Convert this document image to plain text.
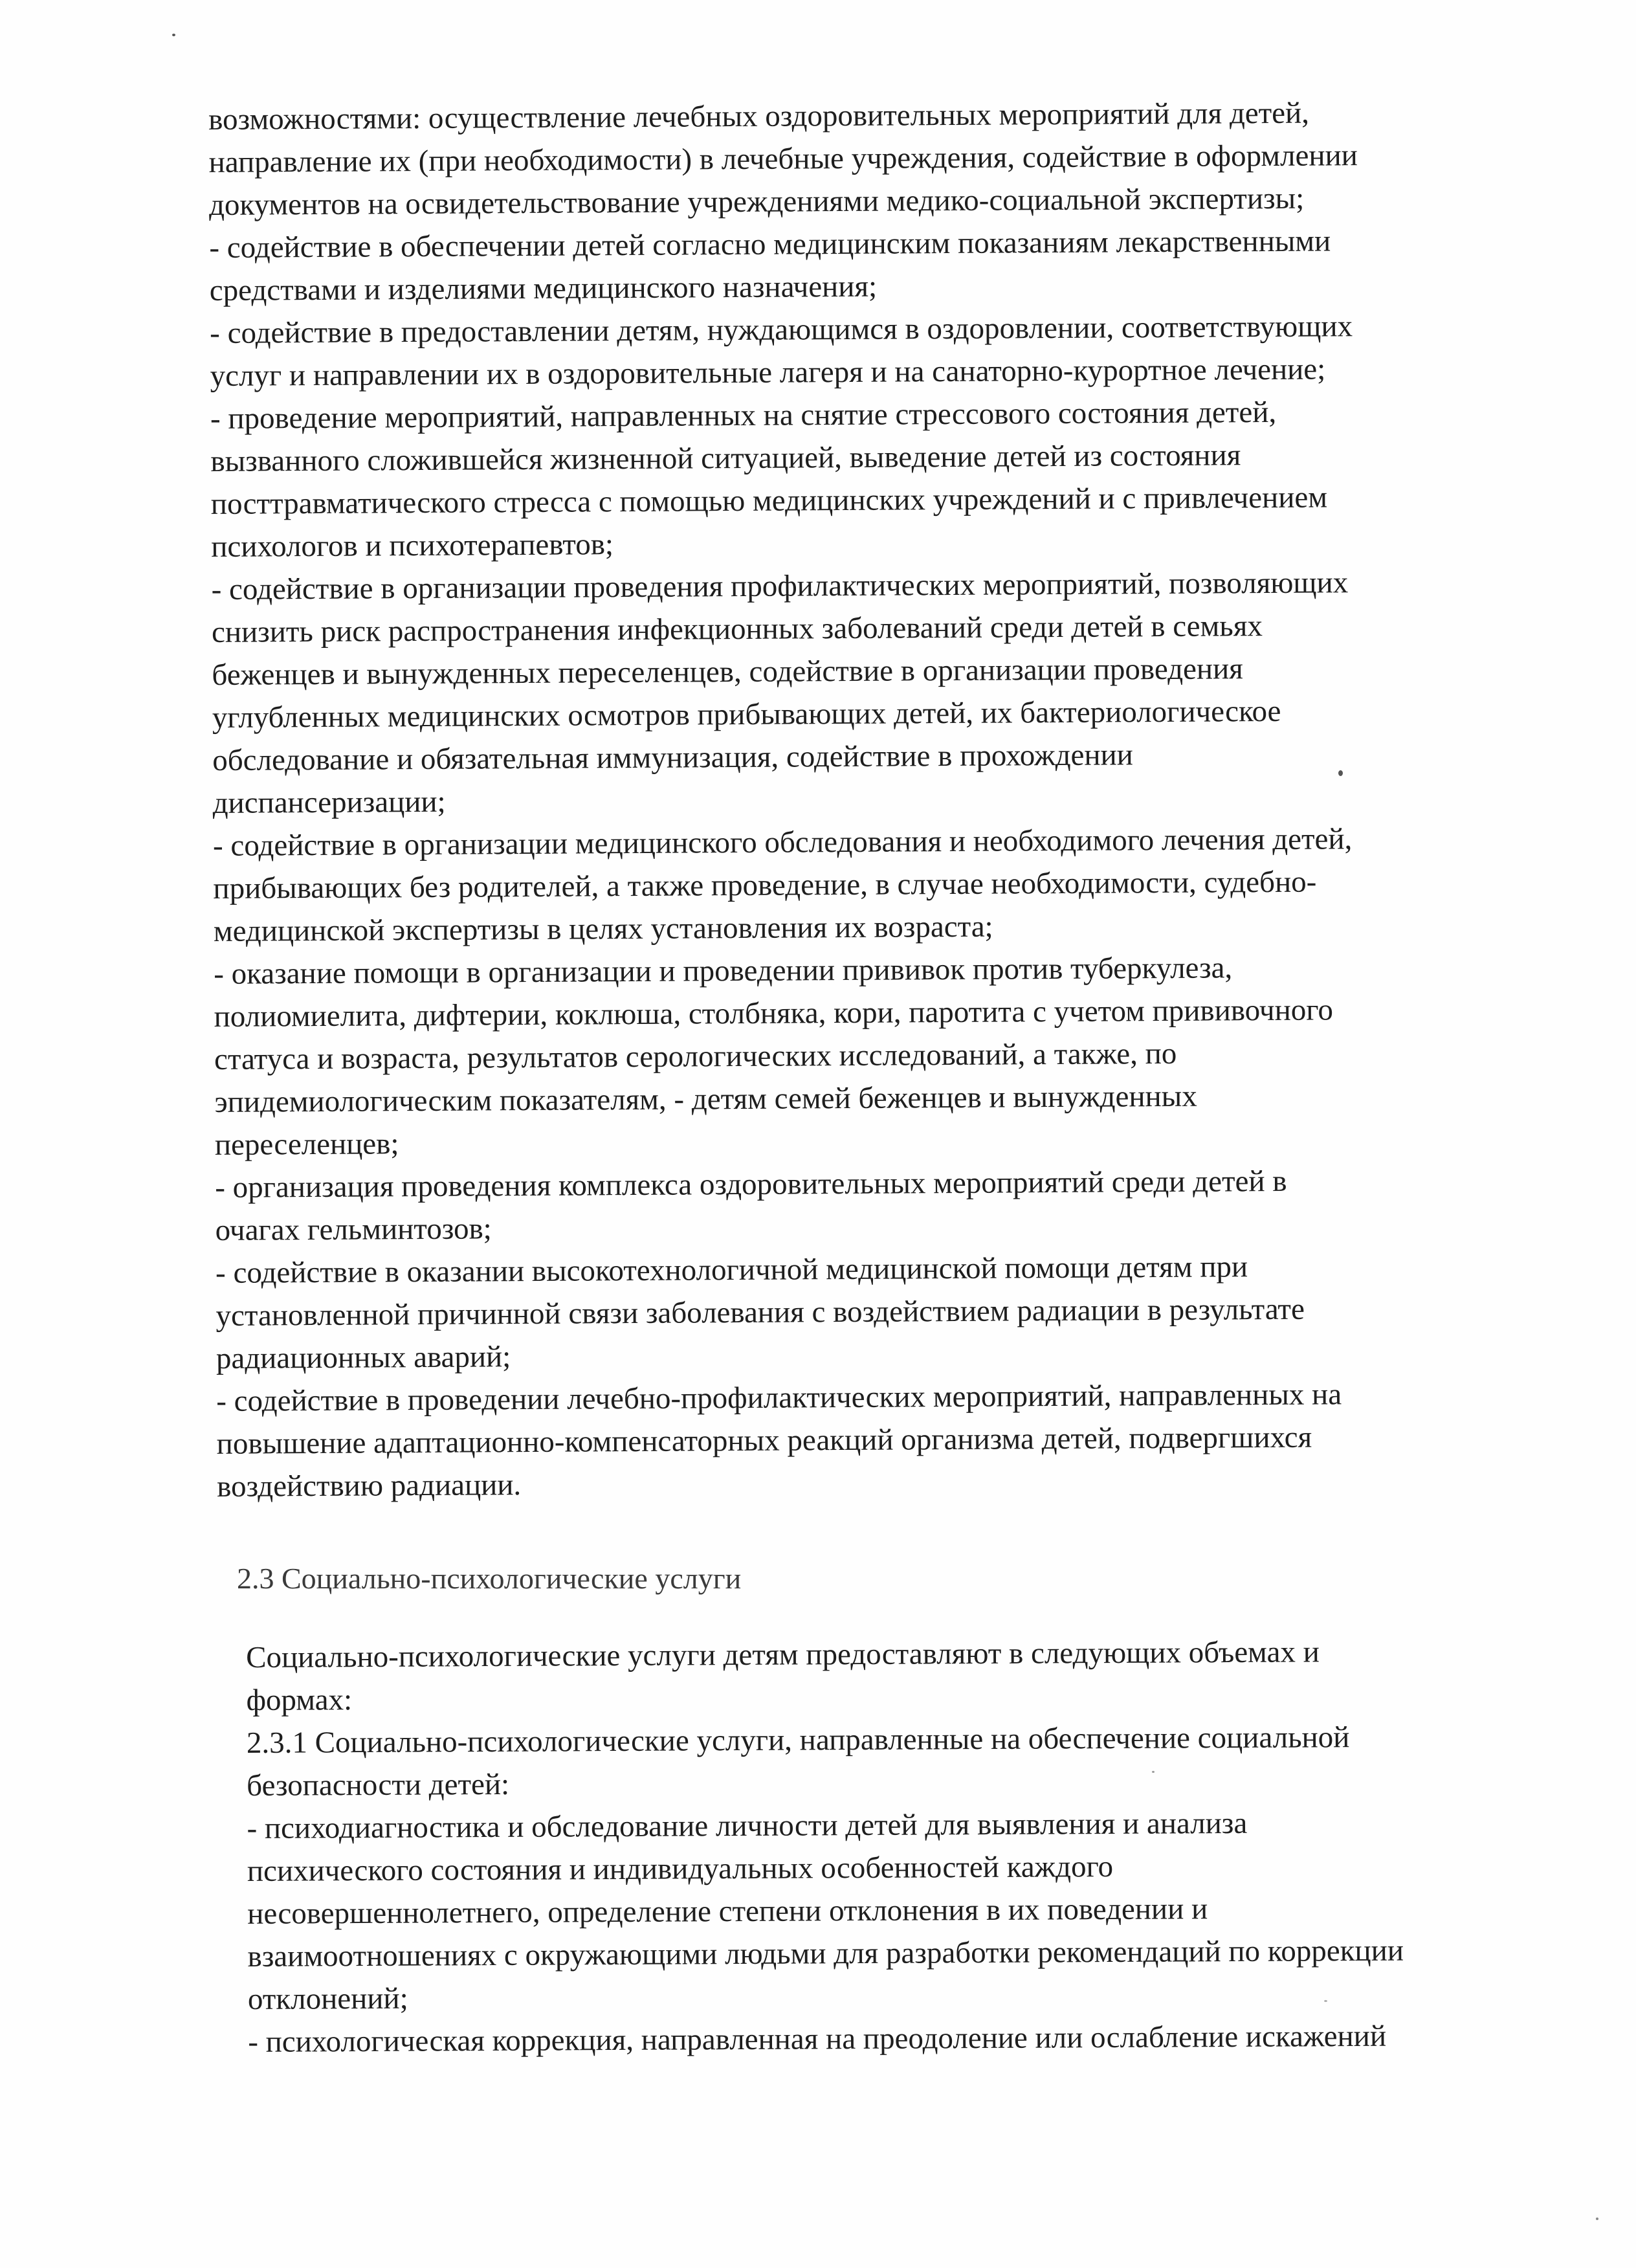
возможностями: осуществление лечебных оздоровительных мероприятий для детей,
направление их (при необходимости) в лечебные учреждения, содействие в оформлении
документов на освидетельствование учреждениями медико-социальной экспертизы;
- содействие в обеспечении детей согласно медицинским показаниям лекарственными
средствами и изделиями медицинского назначения;
- содействие в предоставлении детям, нуждающимся в оздоровлении, соответствующих
услуг и направлении их в оздоровительные лагеря и на санаторно-курортное лечение;
- проведение мероприятий, направленных на снятие стрессового состояния детей,
вызванного сложившейся жизненной ситуацией, выведение детей из состояния
посттравматического стресса с помощью медицинских учреждений и с привлечением
психологов и психотерапевтов;
- содействие в организации проведения профилактических мероприятий, позволяющих
снизить риск распространения инфекционных заболеваний среди детей в семьях
беженцев и вынужденных переселенцев, содействие в организации проведения
углубленных медицинских осмотров прибывающих детей, их бактериологическое
обследование и обязательная иммунизация, содействие в прохождении
диспансеризации;
- содействие в организации медицинского обследования и необходимого лечения детей,
прибывающих без родителей, а также проведение, в случае необходимости, судебно-
медицинской экспертизы в целях установления их возраста;
- оказание помощи в организации и проведении прививок против туберкулеза,
полиомиелита, дифтерии, коклюша, столбняка, кори, паротита с учетом прививочного
статуса и возраста, результатов серологических исследований, а также, по
эпидемиологическим показателям, - детям семей беженцев и вынужденных
переселенцев;
- организация проведения комплекса оздоровительных мероприятий среди детей в
очагах гельминтозов;
- содействие в оказании высокотехнологичной медицинской помощи детям при
установленной причинной связи заболевания с воздействием радиации в результате
радиационных аварий;
- содействие в проведении лечебно-профилактических мероприятий, направленных на
повышение адаптационно-компенсаторных реакций организма детей, подвергшихся
воздействию радиации.
2.3 Социально-психологические услуги
Социально-психологические услуги детям предоставляют в следующих объемах и
формах:
2.3.1 Социально-психологические услуги, направленные на обеспечение социальной
безопасности детей:
- психодиагностика и обследование личности детей для выявления и анализа
психического состояния и индивидуальных особенностей каждого
несовершеннолетнего, определение степени отклонения в их поведении и
взаимоотношениях с окружающими людьми для разработки рекомендаций по коррекции
отклонений;
- психологическая коррекция, направленная на преодоление или ослабление искажений
